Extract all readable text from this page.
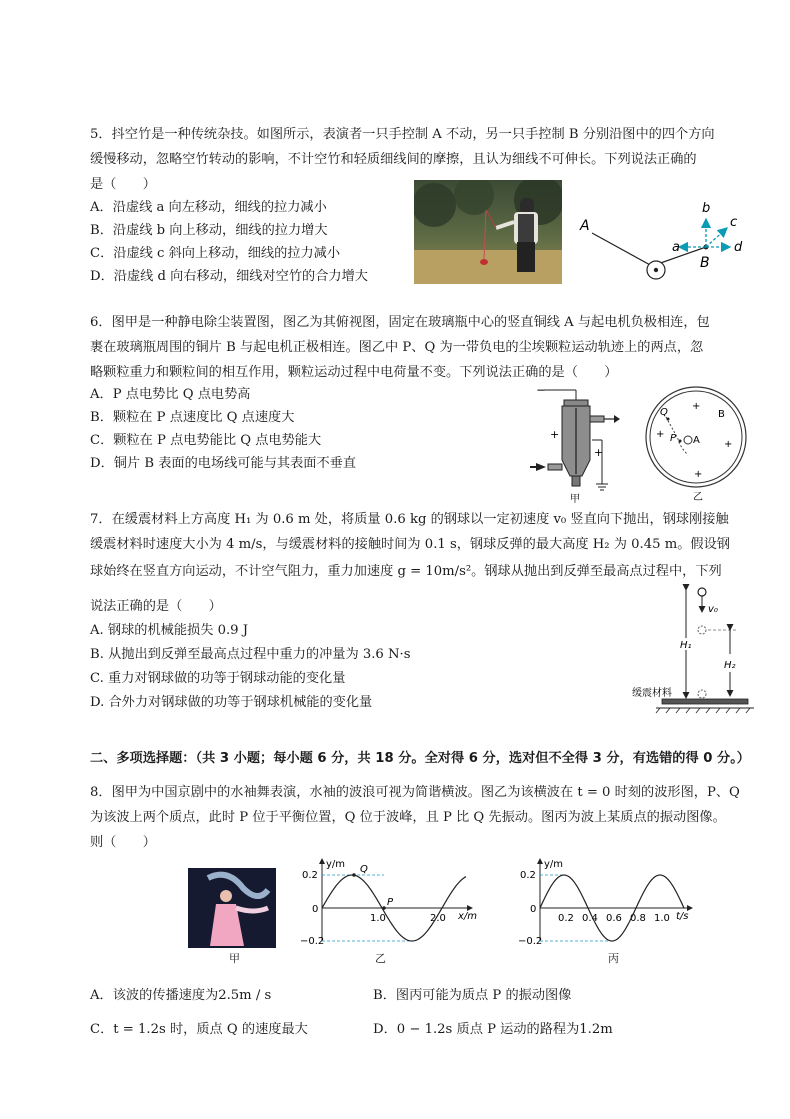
5．抖空竹是一种传统杂技。如图所示，表演者一只手控制 A 不动，另一只手控制 B 分别沿图中的四个方向
缓慢移动，忽略空竹转动的影响，不计空竹和轻质细线间的摩擦，且认为细线不可伸长。下列说法正确的
是（　　）
A．沿虚线 a 向左移动，细线的拉力减小
B．沿虚线 b 向上移动，细线的拉力增大
C．沿虚线 c 斜向上移动，细线的拉力减小
D．沿虚线 d 向右移动，细线对空竹的合力增大
A
B
a
b
c
d
6．图甲是一种静电除尘装置图，图乙为其俯视图，固定在玻璃瓶中心的竖直铜线 A 与起电机负极相连，包
裹在玻璃瓶周围的铜片 B 与起电机正极相连。图乙中 P、Q 为一带负电的尘埃颗粒运动轨迹上的两点，忽
略颗粒重力和颗粒间的相互作用，颗粒运动过程中电荷量不变。下列说法正确的是（　　）
A．P 点电势比 Q 点电势高
B．颗粒在 P 点速度比 Q 点速度大
C．颗粒在 P 点电势能比 Q 点电势能大
D．铜片 B 表面的电场线可能与其表面不垂直
−
+
+
甲
A
Q
P
B
+
+
+
+
乙
7．在缓震材料上方高度 H₁ 为 0.6 m 处，将质量 0.6 kg 的钢球以一定初速度 v₀ 竖直向下抛出，钢球刚接触
缓震材料时速度大小为 4 m/s，与缓震材料的接触时间为 0.1 s，钢球反弹的最大高度 H₂ 为 0.45 m。假设钢
球始终在竖直方向运动，不计空气阻力，重力加速度 g = 10m/s²。钢球从抛出到反弹至最高点过程中，下列
说法正确的是（　　）
A. 钢球的机械能损失 0.9 J
B. 从抛出到反弹至最高点过程中重力的冲量为 3.6 N·s
C. 重力对钢球做的功等于钢球动能的变化量
D. 合外力对钢球做的功等于钢球机械能的变化量
v₀
H₁
H₂
缓震材料
二、多项选择题：（共 3 小题；每小题 6 分，共 18 分。全对得 6 分，选对但不全得 3 分，有选错的得 0 分。）
8．图甲为中国京剧中的水袖舞表演，水袖的波浪可视为简谐横波。图乙为该横波在 t = 0 时刻的波形图，P、Q
为该波上两个质点，此时 P 位于平衡位置，Q 位于波峰，且 P 比 Q 先振动。图丙为波上某质点的振动图像。
则（　　）
甲
y/m
x/m
0.2
0
−0.2
1.0	2.0
Q
P
乙
y/m
t/s
0.2
0
−0.2
0.2 0.4 0.6 0.8 1.0
丙
A．该波的传播速度为2.5m / s	B．图丙可能为质点 P 的振动图像
C．t = 1.2s 时，质点 Q 的速度最大	D．0 − 1.2s 质点 P 运动的路程为1.2m
